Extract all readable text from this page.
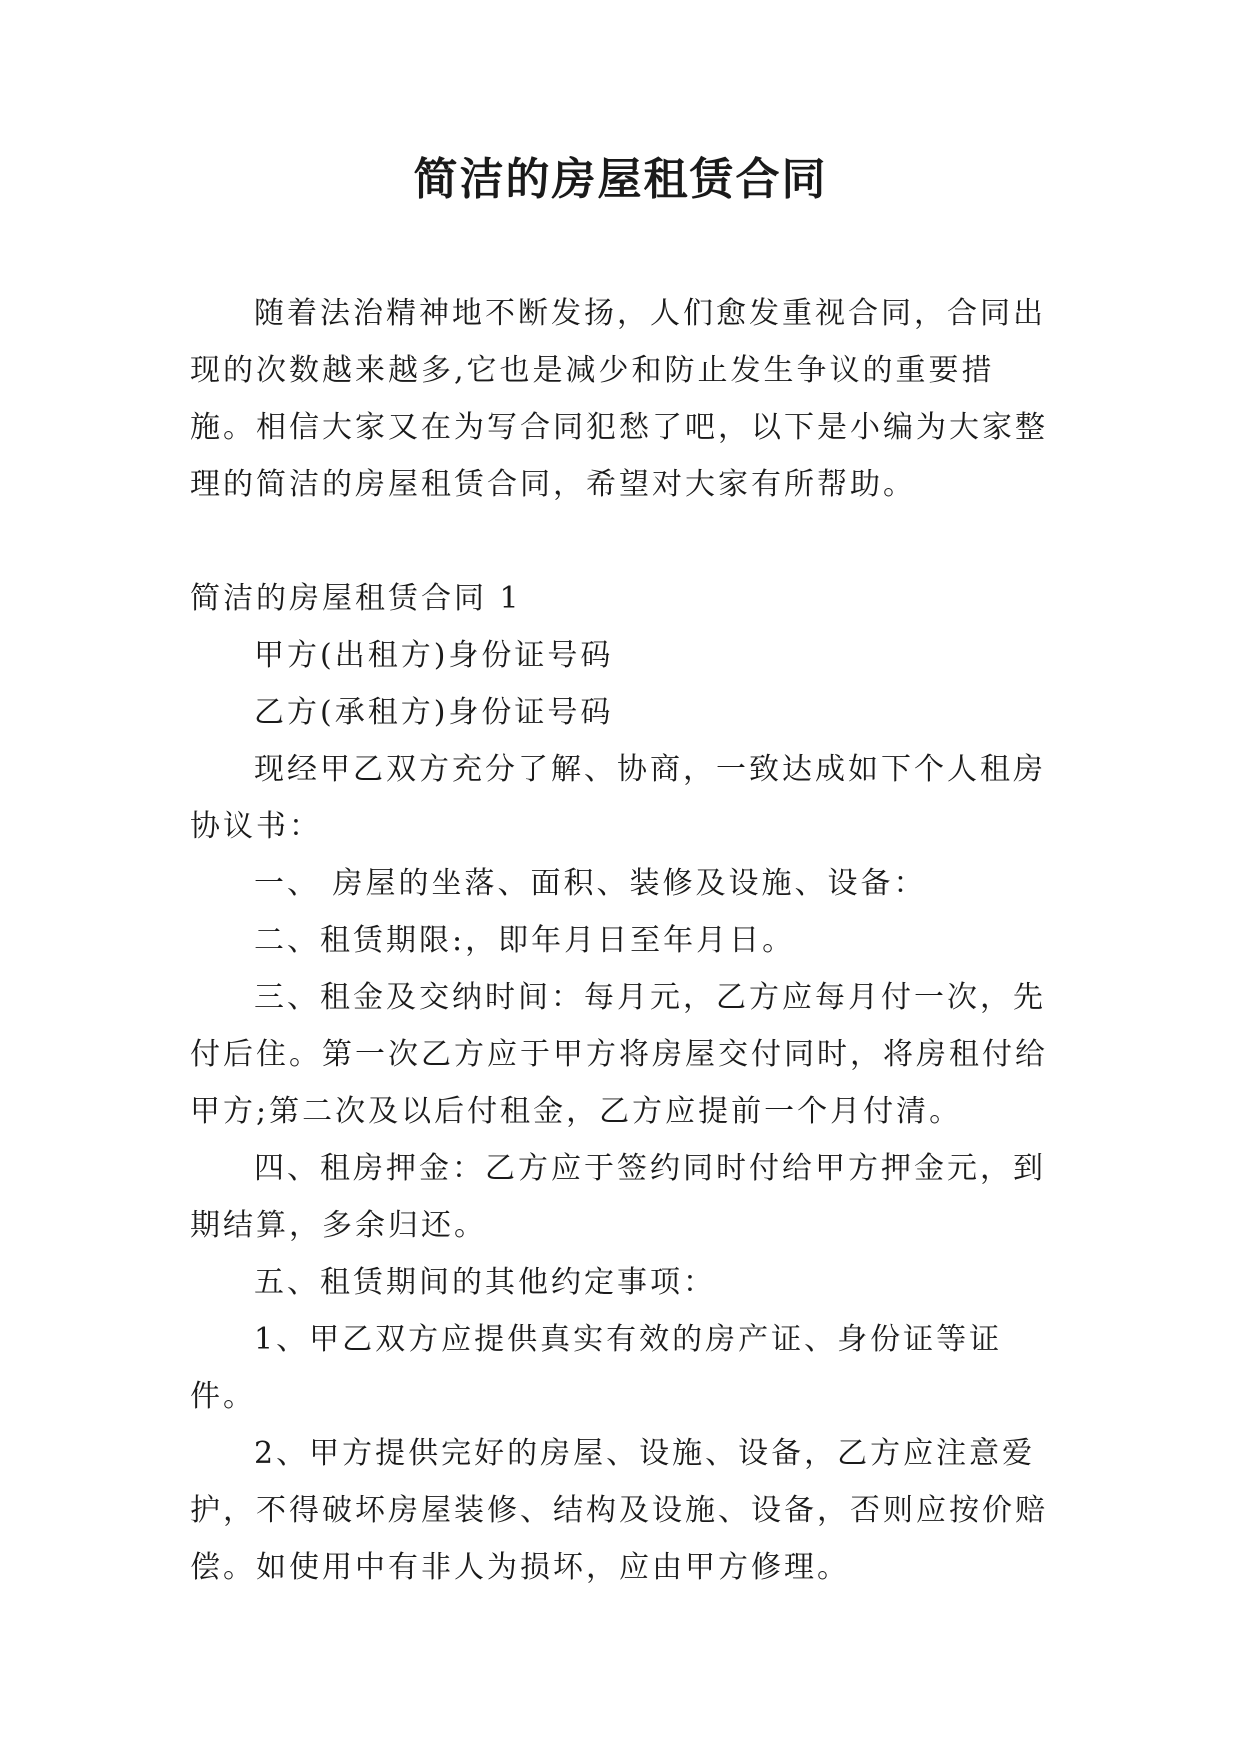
简洁的房屋租赁合同

随着法治精神地不断发扬，人们愈发重视合同，合同出现的次数越来越多,它也是减少和防止发生争议的重要措施。相信大家又在为写合同犯愁了吧，以下是小编为大家整理的简洁的房屋租赁合同，希望对大家有所帮助。

简洁的房屋租赁合同 1

甲方(出租方)身份证号码

乙方(承租方)身份证号码

现经甲乙双方充分了解、协商，一致达成如下个人租房协议书：

一、 房屋的坐落、面积、装修及设施、设备：

二、租赁期限:，即年月日至年月日。

三、租金及交纳时间：每月元，乙方应每月付一次，先付后住。第一次乙方应于甲方将房屋交付同时，将房租付给甲方;第二次及以后付租金，乙方应提前一个月付清。

四、租房押金：乙方应于签约同时付给甲方押金元，到期结算，多余归还。

五、租赁期间的其他约定事项：

1、甲乙双方应提供真实有效的房产证、身份证等证件。

2、甲方提供完好的房屋、设施、设备，乙方应注意爱护，不得破坏房屋装修、结构及设施、设备，否则应按价赔偿。如使用中有非人为损坏，应由甲方修理。
